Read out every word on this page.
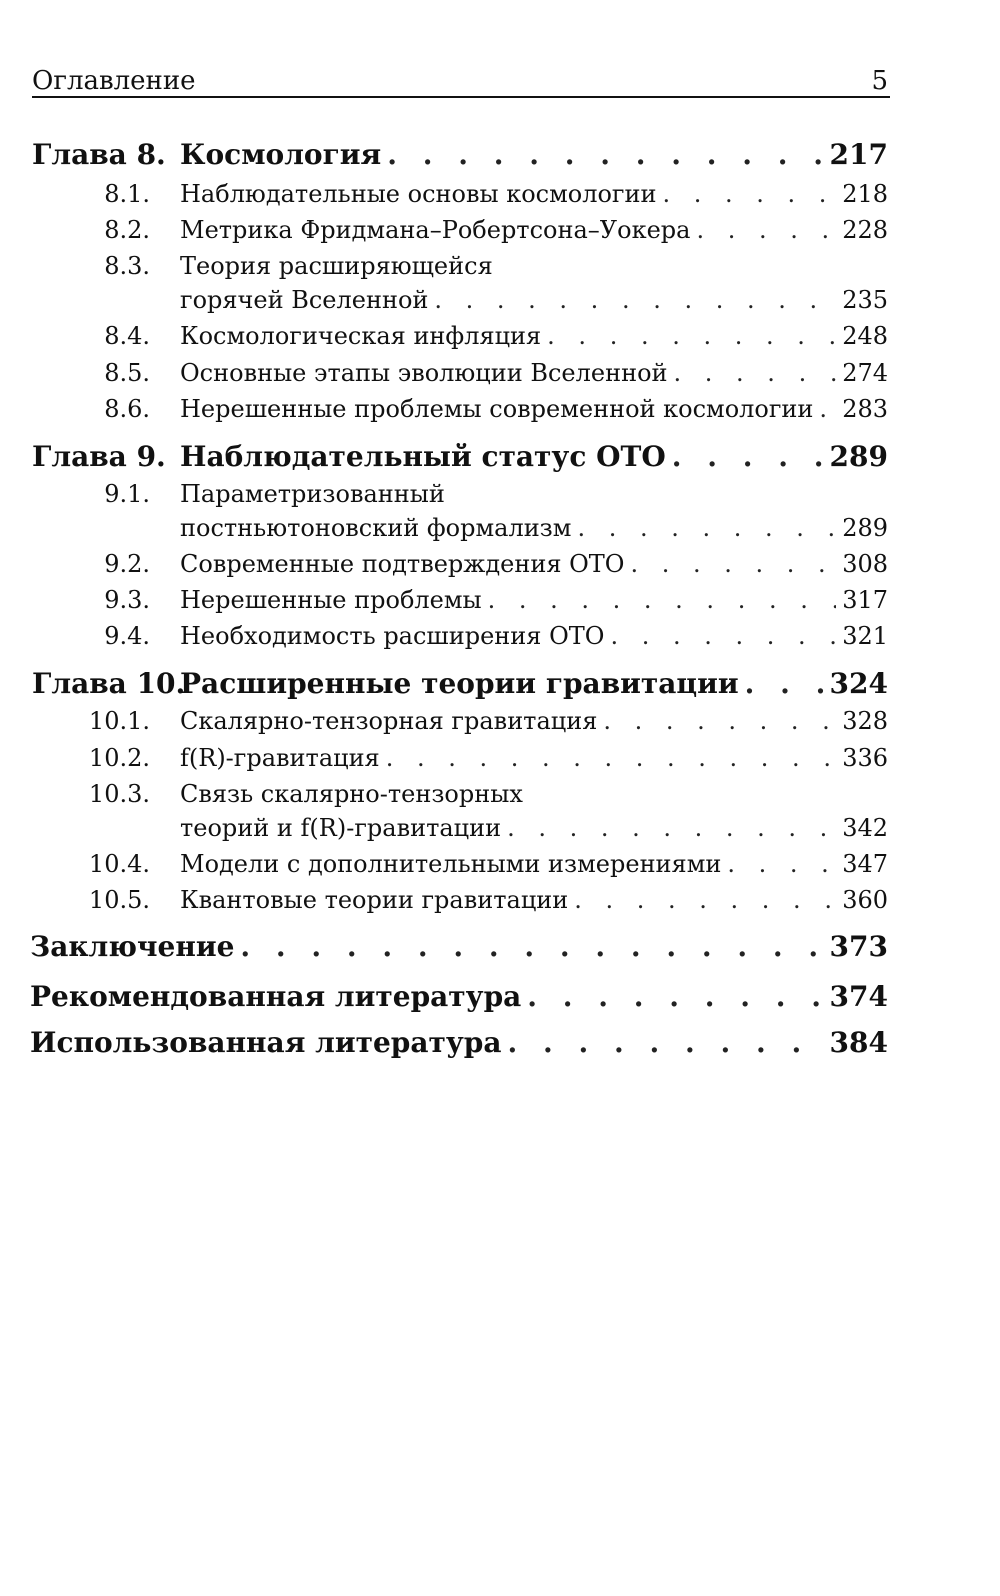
Оглавление	5
Глава 8. Космология . . .	217
8.1. Наблюдательные основы космологии . . .	218
8.2. Метрика Фридмана–Робертсона–Уокера . . .	228
8.3. Теория расширяющейся
горячей Вселенной . . .	235
8.4. Космологическая инфляция . . .	248
8.5. Основные этапы эволюции Вселенной . . .	274
8.6. Нерешенные проблемы современной космологии . . . 283
Глава 9. Наблюдательный статус ОТО . . .	289
9.1. Параметризованный
постньютоновский формализм . . .	289
9.2. Современные подтверждения ОТО . . .	308
9.3. Нерешенные проблемы . . .	317
9.4. Необходимость расширения ОТО . . .	321
Глава 10.
Расширенные теории гравитации . . .	324
10.1. Скалярно-тензорная гравитация . . .	328
10.2. f(R)-гравитация . . .	336
10.3. Связь скалярно-тензорных
теорий и f(R)-гравитации . . .	342
10.4. Модели с дополнительными измерениями . . .	347
10.5. Квантовые теории гравитации . . .	360
Заключение . . .	373
Рекомендованная литература . . .	374
Использованная литература . . .	384
